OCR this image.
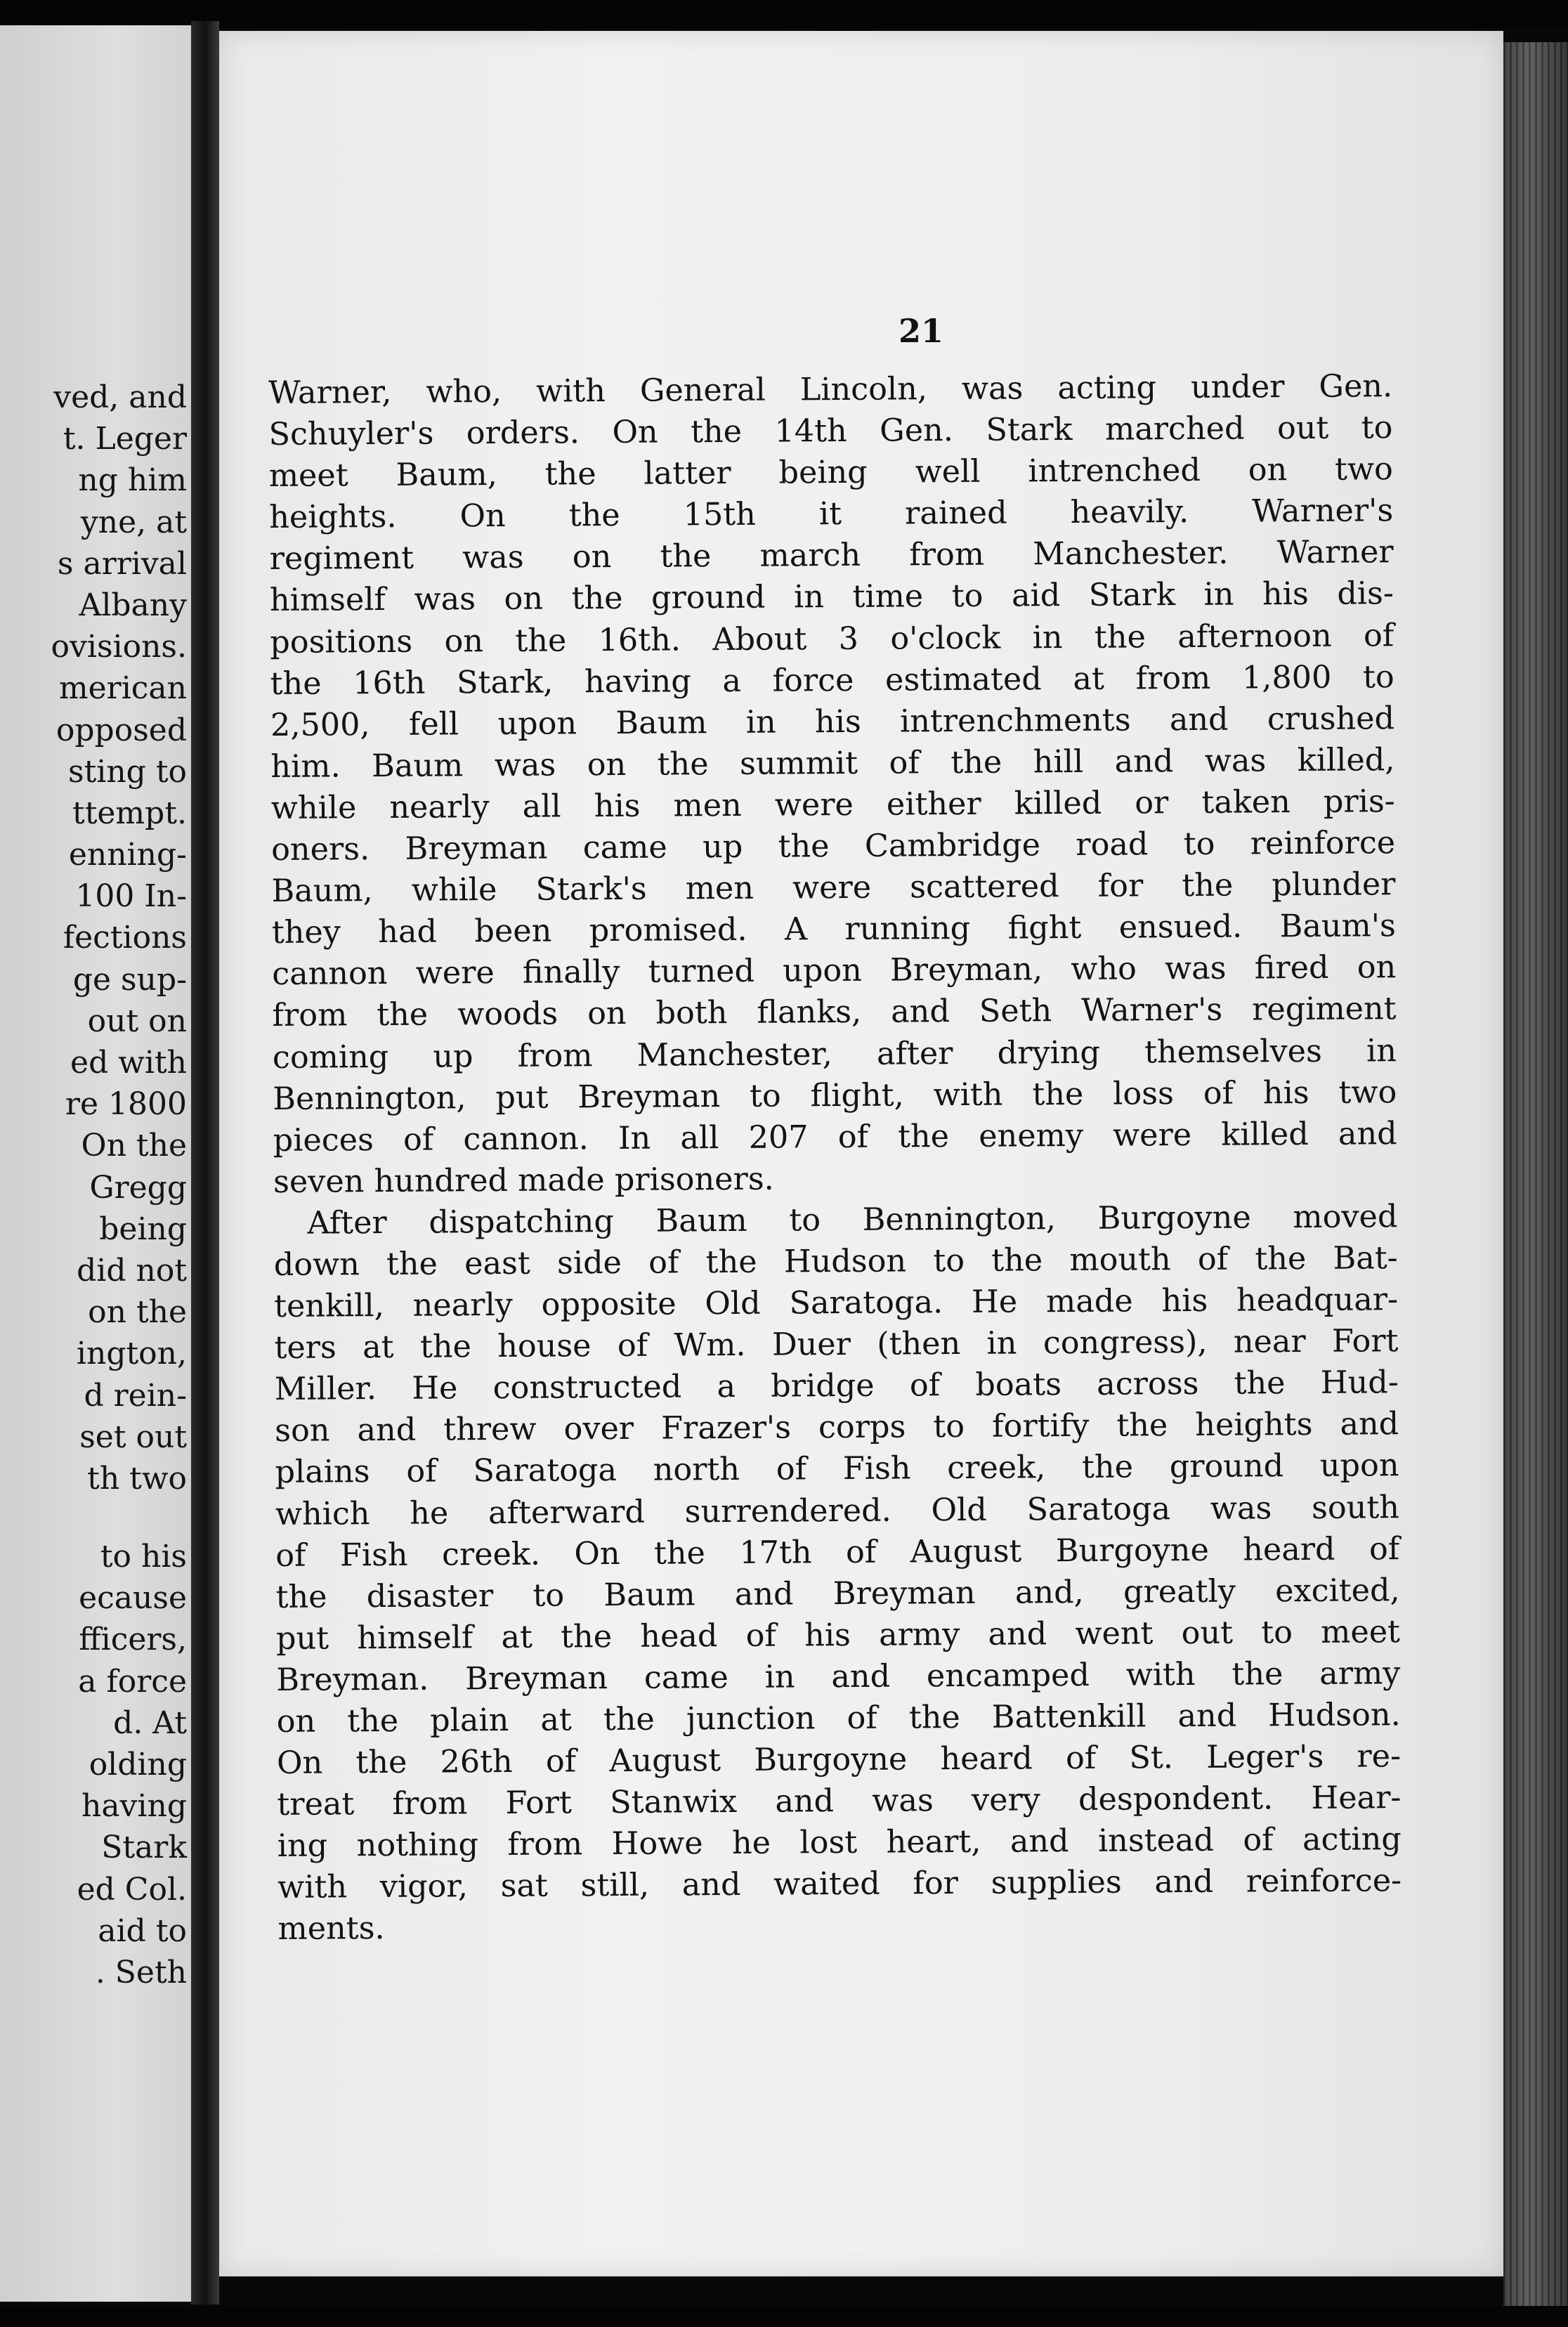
ved, and
t. Leger
ng him
yne, at
s arrival
Albany
ovisions.
merican
opposed
sting to
ttempt.
enning-
100 In-
fections
ge sup-
out on
ed with
re 1800
On the
Gregg
being
did not
on the
ington,
d rein-
set out
th two
to his
ecause
fficers,
a force
d. At
olding
having
Stark
ed Col.
aid to
. Seth
21
Warner, who, with General Lincoln, was acting under Gen.
Schuyler's orders. On the 14th Gen. Stark marched out to
meet Baum, the latter being well intrenched on two
heights. On the 15th it rained heavily. Warner's
regiment was on the march from Manchester. Warner
himself was on the ground in time to aid Stark in his dis-
positions on the 16th. About 3 o'clock in the afternoon of
the 16th Stark, having a force estimated at from 1,800 to
2,500, fell upon Baum in his intrenchments and crushed
him. Baum was on the summit of the hill and was killed,
while nearly all his men were either killed or taken pris-
oners. Breyman came up the Cambridge road to reinforce
Baum, while Stark's men were scattered for the plunder
they had been promised. A running fight ensued. Baum's
cannon were finally turned upon Breyman, who was fired on
from the woods on both flanks, and Seth Warner's regiment
coming up from Manchester, after drying themselves in
Bennington, put Breyman to flight, with the loss of his two
pieces of cannon. In all 207 of the enemy were killed and
seven hundred made prisoners.
After dispatching Baum to Bennington, Burgoyne moved
down the east side of the Hudson to the mouth of the Bat-
tenkill, nearly opposite Old Saratoga. He made his headquar-
ters at the house of Wm. Duer (then in congress), near Fort
Miller. He constructed a bridge of boats across the Hud-
son and threw over Frazer's corps to fortify the heights and
plains of Saratoga north of Fish creek, the ground upon
which he afterward surrendered. Old Saratoga was south
of Fish creek. On the 17th of August Burgoyne heard of
the disaster to Baum and Breyman and, greatly excited,
put himself at the head of his army and went out to meet
Breyman. Breyman came in and encamped with the army
on the plain at the junction of the Battenkill and Hudson.
On the 26th of August Burgoyne heard of St. Leger's re-
treat from Fort Stanwix and was very despondent. Hear-
ing nothing from Howe he lost heart, and instead of acting
with vigor, sat still, and waited for supplies and reinforce-
ments.
